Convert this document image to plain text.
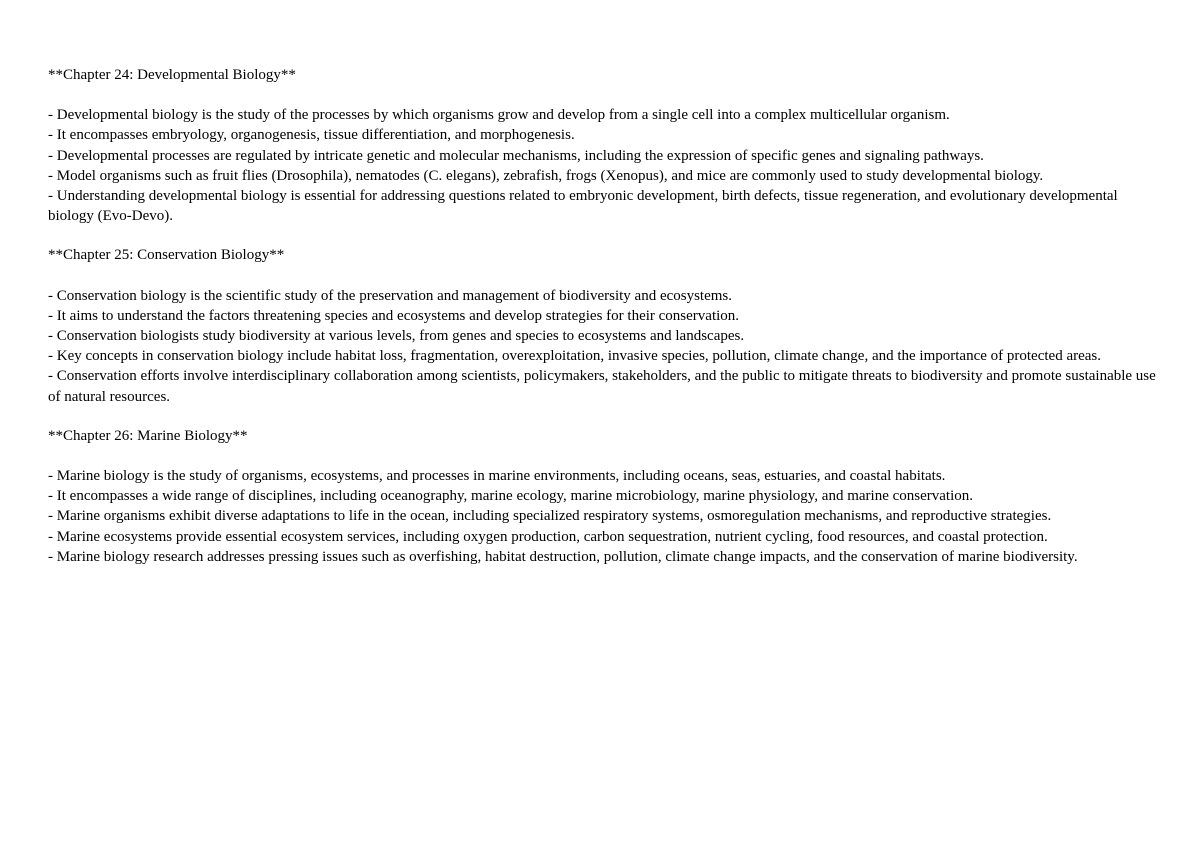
**Chapter 24: Developmental Biology**
- Developmental biology is the study of the processes by which organisms grow and develop from a single cell into a complex multicellular organism.
- It encompasses embryology, organogenesis, tissue differentiation, and morphogenesis.
- Developmental processes are regulated by intricate genetic and molecular mechanisms, including the expression of specific genes and signaling pathways.
- Model organisms such as fruit flies (Drosophila), nematodes (C. elegans), zebrafish, frogs (Xenopus), and mice are commonly used to study developmental biology.
- Understanding developmental biology is essential for addressing questions related to embryonic development, birth defects, tissue regeneration, and evolutionary developmental biology (Evo-Devo).
**Chapter 25: Conservation Biology**
- Conservation biology is the scientific study of the preservation and management of biodiversity and ecosystems.
- It aims to understand the factors threatening species and ecosystems and develop strategies for their conservation.
- Conservation biologists study biodiversity at various levels, from genes and species to ecosystems and landscapes.
- Key concepts in conservation biology include habitat loss, fragmentation, overexploitation, invasive species, pollution, climate change, and the importance of protected areas.
- Conservation efforts involve interdisciplinary collaboration among scientists, policymakers, stakeholders, and the public to mitigate threats to biodiversity and promote sustainable use of natural resources.
**Chapter 26: Marine Biology**
- Marine biology is the study of organisms, ecosystems, and processes in marine environments, including oceans, seas, estuaries, and coastal habitats.
- It encompasses a wide range of disciplines, including oceanography, marine ecology, marine microbiology, marine physiology, and marine conservation.
- Marine organisms exhibit diverse adaptations to life in the ocean, including specialized respiratory systems, osmoregulation mechanisms, and reproductive strategies.
- Marine ecosystems provide essential ecosystem services, including oxygen production, carbon sequestration, nutrient cycling, food resources, and coastal protection.
- Marine biology research addresses pressing issues such as overfishing, habitat destruction, pollution, climate change impacts, and the conservation of marine biodiversity.
